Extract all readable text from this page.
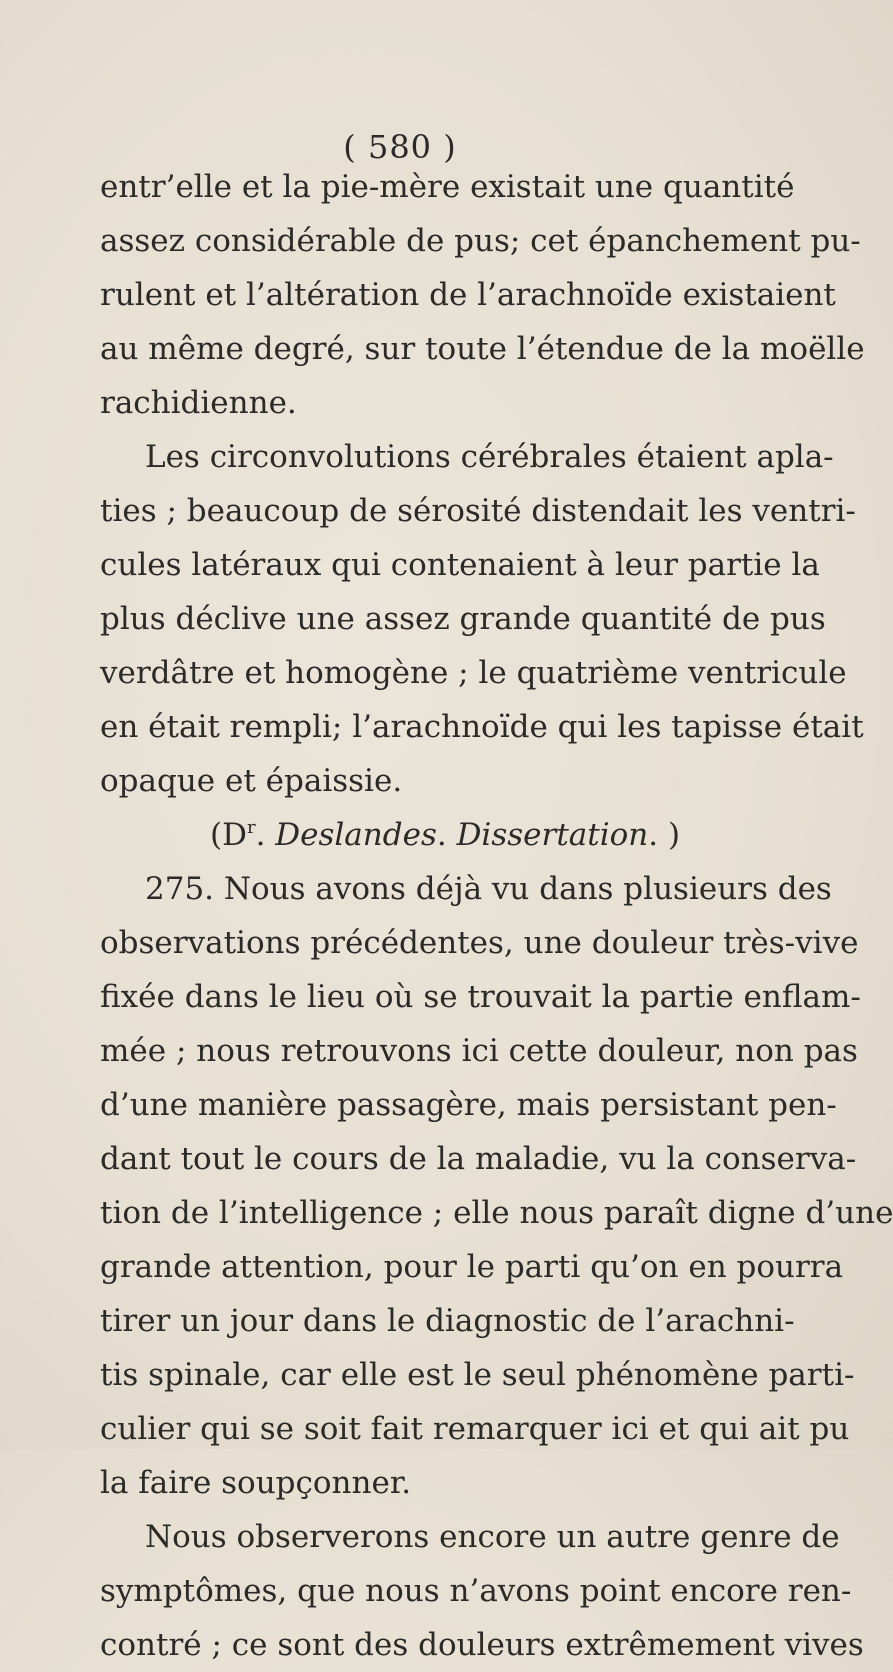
( 580 )
entr’elle et la pie-mère existait une quantité
assez considérable de pus; cet épanchement pu-
rulent et l’altération de l’arachnoïde existaient
au même degré, sur toute l’étendue de la moëlle
rachidienne.
Les circonvolutions cérébrales étaient apla-
ties ; beaucoup de sérosité distendait les ventri-
cules latéraux qui contenaient à leur partie la
plus déclive une assez grande quantité de pus
verdâtre et homogène ; le quatrième ventricule
en était rempli; l’arachnoïde qui les tapisse était
opaque et épaissie.
($D^r$. Deslandes. Dissertation. )
275. Nous avons déjà vu dans plusieurs des
observations précédentes, une douleur très-vive
fixée dans le lieu où se trouvait la partie enflam-
mée ; nous retrouvons ici cette douleur, non pas
d’une manière passagère, mais persistant pen-
dant tout le cours de la maladie, vu la conserva-
tion de l’intelligence ; elle nous paraît digne d’une
grande attention, pour le parti qu’on en pourra
tirer un jour dans le diagnostic de l’arachni-
tis spinale, car elle est le seul phénomène parti-
culier qui se soit fait remarquer ici et qui ait pu
la faire soupçonner.
Nous observerons encore un autre genre de
symptômes, que nous n’avons point encore ren-
contré ; ce sont des douleurs extrêmement vives
